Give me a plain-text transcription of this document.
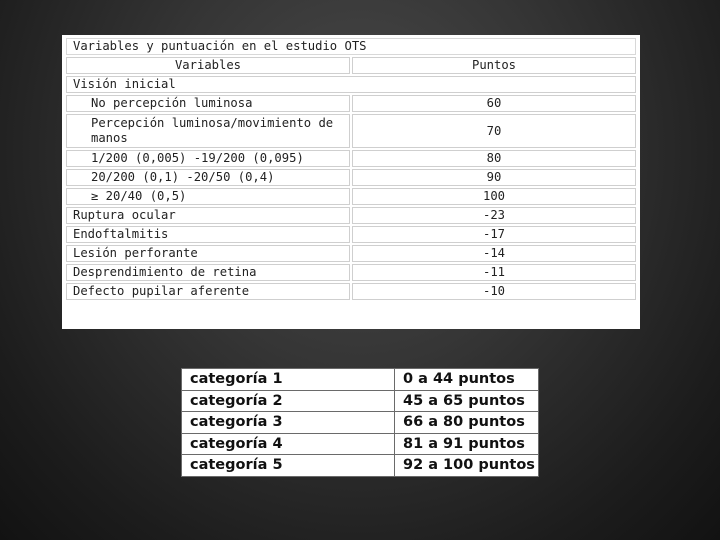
Variables y puntuación en el estudio OTS	
Variables	Puntos
Visión inicial	
No percepción luminosa	60
Percepción luminosa/movimiento de manos	70
1/200 (0,005) -19/200 (0,095)	80
20/200 (0,1) -20/50 (0,4)	90
≥ 20/40 (0,5)	100
Ruptura ocular	-23
Endoftalmitis	-17
Lesión perforante	-14
Desprendimiento de retina	-11
Defecto pupilar aferente	-10
categoría 1	0 a 44 puntos
categoría 2	45 a 65 puntos
categoría 3	66 a 80 puntos
categoría 4	81 a 91 puntos
categoría 5	92 a 100 puntos
